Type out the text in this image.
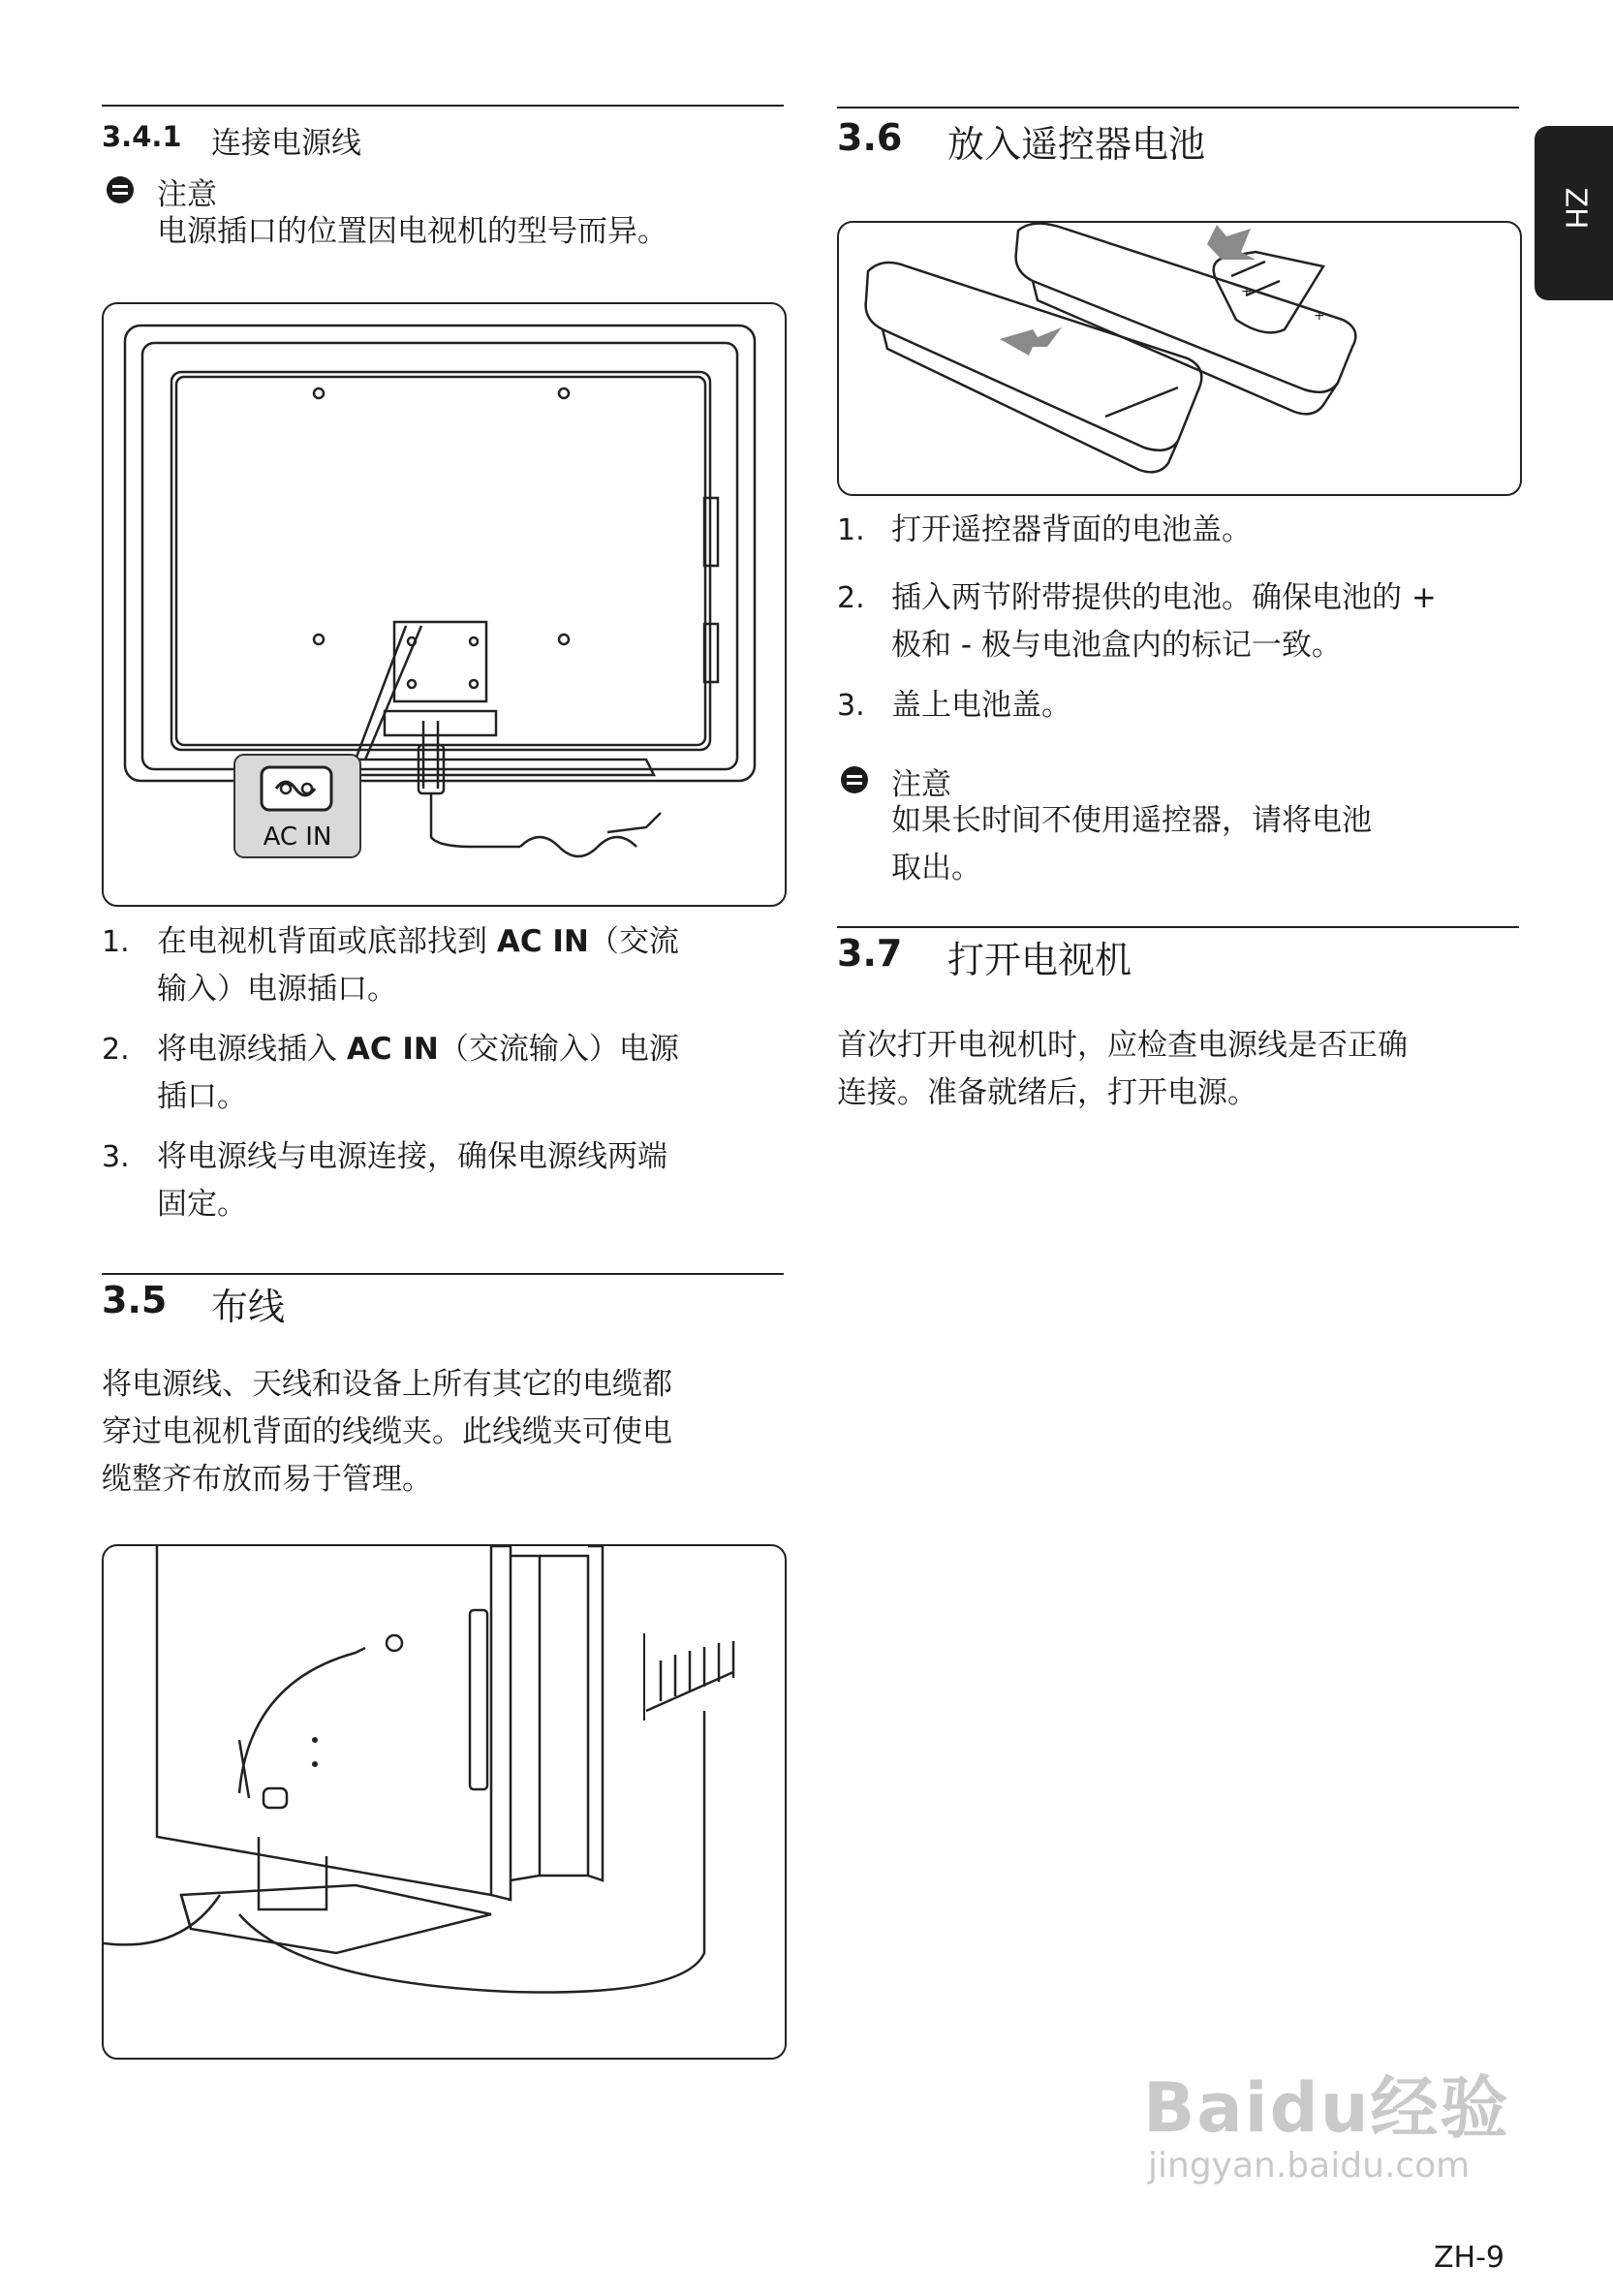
ZH
3.4.1 连接电源线
注意
电源插口的位置因电视机的型号而异。
AC IN
1. 在电视机背面或底部找到 AC IN（交流
输入）电源插口。
2. 将电源线插入 AC IN（交流输入）电源
插口。
3. 将电源线与电源连接，确保电源线两端
固定。
3.5 布线
将电源线、天线和设备上所有其它的电缆都
穿过电视机背面的线缆夹。此线缆夹可使电
缆整齐布放而易于管理。
3.6 放入遥控器电池
+
+
1. 打开遥控器背面的电池盖。
2. 插入两节附带提供的电池。确保电池的 +
极和 - 极与电池盒内的标记一致。
3. 盖上电池盖。
注意
如果长时间不使用遥控器，请将电池
取出。
3.7 打开电视机
首次打开电视机时，应检查电源线是否正确
连接。准备就绪后，打开电源。
Baidu经验
jingyan.baidu.com
ZH-9
